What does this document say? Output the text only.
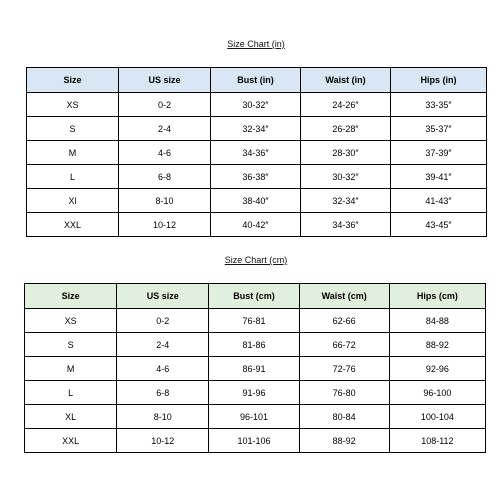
Size Chart (in)
Size	US size	Bust (in)	Waist (in)	Hips (in)
XS	0-2	30-32″	24-26″	33-35″
S	2-4	32-34″	26-28″	35-37″
M	4-6	34-36″	28-30″	37-39″
L	6-8	36-38″	30-32″	39-41″
Xl	8-10	38-40″	32-34″	41-43″
XXL	10-12	40-42″	34-36″	43-45″
Size Chart (cm)
Size	US size	Bust (cm)	Waist (cm)	Hips (cm)
XS	0-2	76-81	62-66	84-88
S	2-4	81-86	66-72	88-92
M	4-6	86-91	72-76	92-96
L	6-8	91-96	76-80	96-100
XL	8-10	96-101	80-84	100-104
XXL	10-12	101-106	88-92	108-112
